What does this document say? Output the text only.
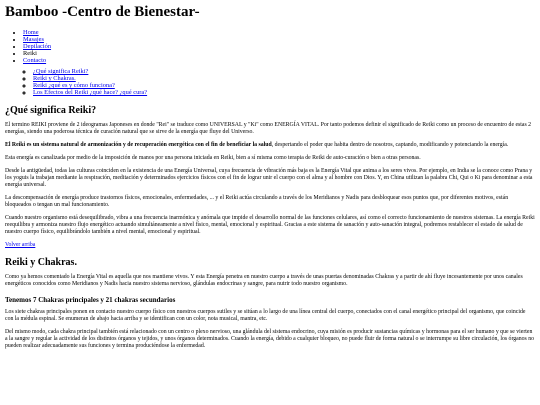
Bamboo -Centro de Bienestar-
• Home
• Masajes
• Depilación
• Reiki
• Contacto
◦ ¿Qué significa Reiki?
◦ Reiki y Chakras.
◦ Reiki ¿qué es y cómo funciona?
◦ Los Efectos del Reiki ¿qué hace? ¿qué cura?
¿Qué significa Reiki?

El termino REIKI proviene de 2 ideogramas Japoneses en donde "Rei" se traduce como UNIVERSAL y "Ki" como ENERGÍA VITAL. Por tanto podemos definir el significado de Reiki como un proceso de encuentro de estas 2 energías, siendo una poderosa técnica de curación natural que se sirve de la energía que fluye del Universo.

El Reiki es un sistema natural de armonización y de recuperación energética con el fin de beneficiar la salud, despertando el poder que habita dentro de nosotros, captando, modificando y potenciando la energía.

Esta energía es canalizada por medio de la imposición de manos por una persona iniciada en Reiki, bien a sí misma como terapia de Reiki de auto-curación o bien a otras personas.

Desde la antigüedad, todas las culturas coinciden en la existencia de una Energía Universal, cuya frecuencia de vibración más baja es la Energía Vital que anima a los seres vivos. Por ejemplo, en India se la conoce como Prana y los yoguis la trabajan mediante la respiración, meditación y determinados ejercicios físicos con el fin de lograr unir el cuerpo con el alma y al hombre con Dios. Y, en China utilizan la palabra Chi, Qui o Ki para denominar a esta energía universal.

La descompensación de energía produce trastornos físicos, emocionales, enfermedades, ... y el Reiki actúa circulando a través de los Meridianos y Nadis para desbloquear esos puntos que, por diferentes motivos, están bloqueados o tengan un mal funcionamiento.

Cuando nuestro organismo está desequilibrado, vibra a una frecuencia inarmónica y anómala que impide el desarrollo normal de las funciones celulares, así como el correcto funcionamiento de nuestros sistemas. La energía Reiki reequilibra y armoniza nuestro flujo energético actuando simultáneamente a nivel físico, mental, emocional y espiritual. Gracias a este sistema de sanación y auto-sanación integral, podremos restablecer el estado de salud de nuestro cuerpo físico, equilibrándolo también a nivel mental, emocional y espiritual.

Volver arriba
Reiki y Chakras.

Como ya hemos comentado la Energía Vital es aquella que nos mantiene vivos. Y esta Energía penetra en nuestro cuerpo a través de unas puertas denominadas Chakras y a partir de ahí fluye incesantemente por unos canales energéticos conocidos como Meridianos y Nadis hacia nuestro sistema nervioso, glándulas endocrinas y sangre, para nutrir todo nuestro organismo.

Tenemos 7 Chakras principales y 21 chakras secundarios

Los siete chakras principales ponen en contacto nuestro cuerpo físico con nuestros cuerpos sutiles y se sitúan a lo largo de una línea central del cuerpo, conectados con el canal energético principal del organismo, que coincide con la médula espinal. Se enumeran de abajo hacia arriba y se identifican con un color, nota musical, mantra, etc.

Del mismo modo, cada chakra principal también está relacionado con un centro o plexo nervioso, una glándula del sistema endocrino, cuya misión es producir sustancias químicas y hormonas para el ser humano y que se vierten a la sangre y regular la actividad de los distintos órganos y tejidos, y unos órganos determinados. Cuando la energía, debido a cualquier bloqueo, no puede fluir de forma natural o se interrumpe su libre circulación, los órganos no pueden realizar adecuadamente sus funciones y termina produciéndose la enfermedad.
